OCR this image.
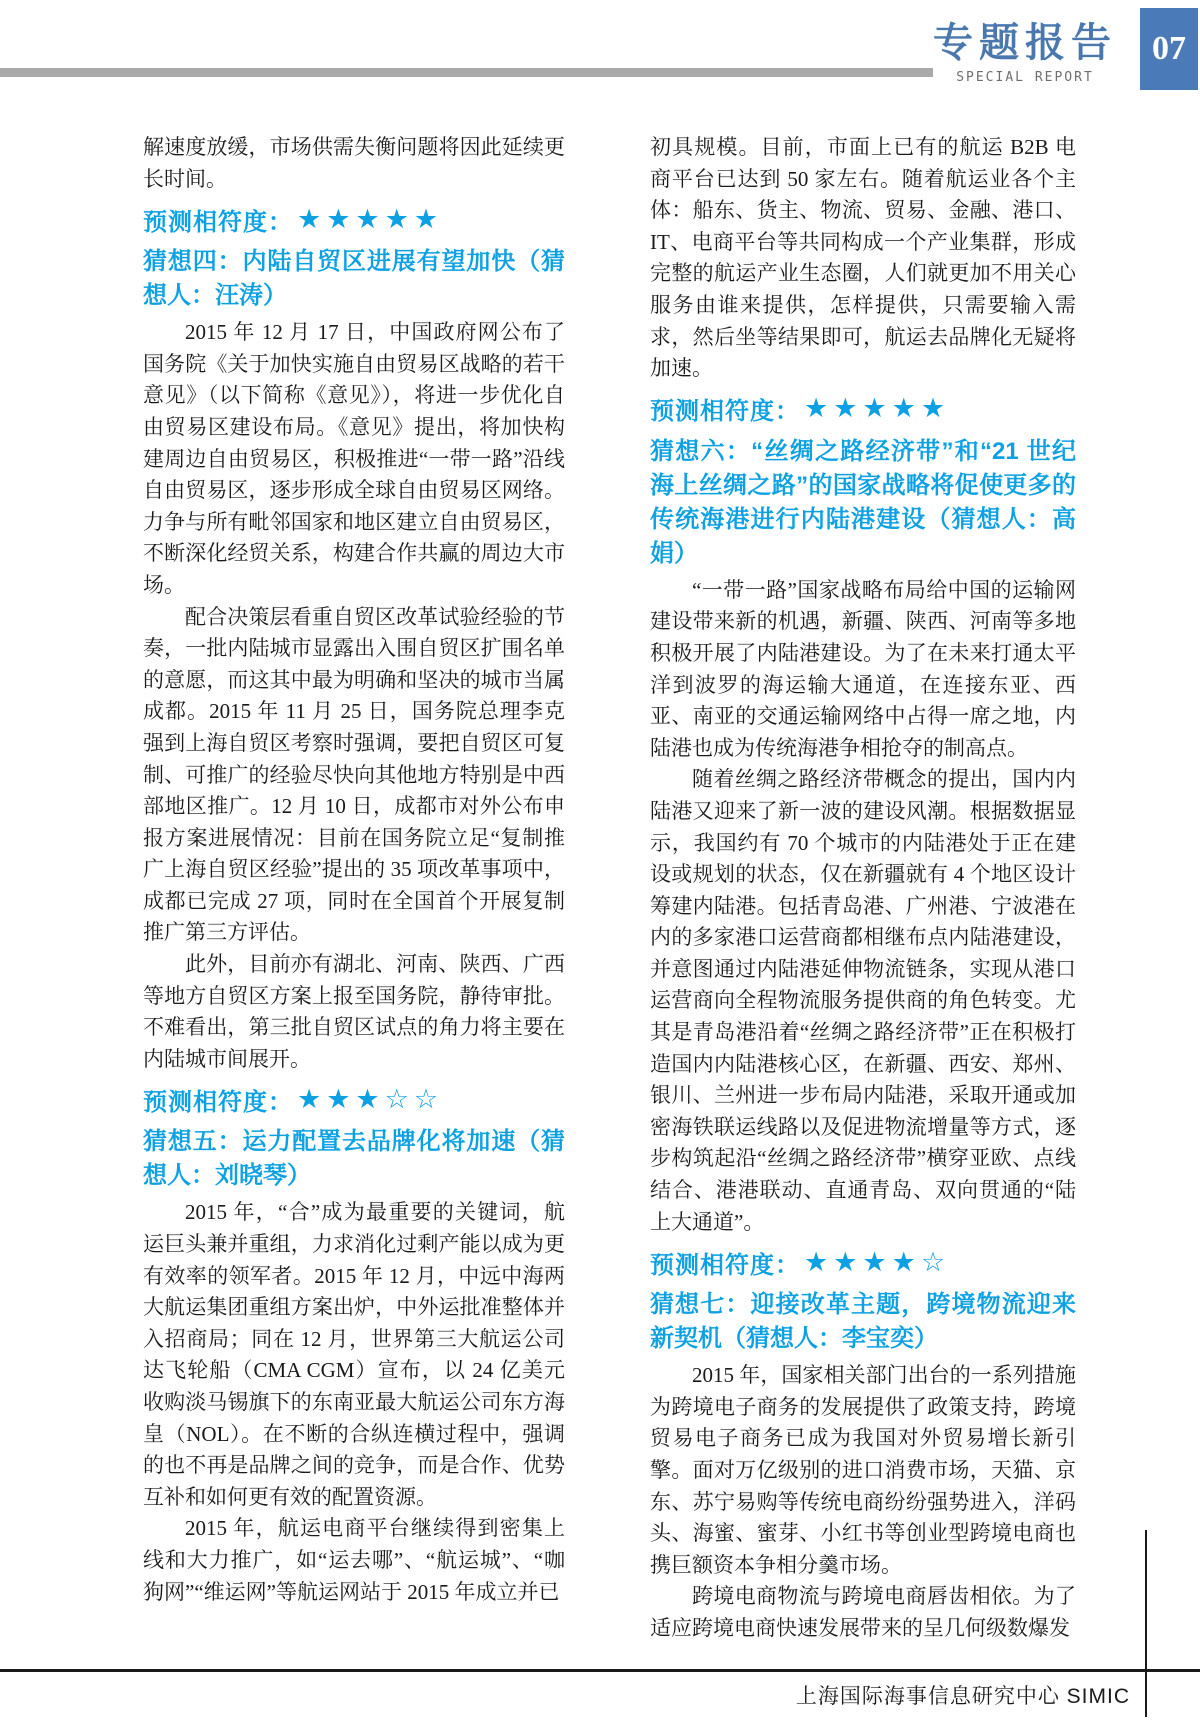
专题报告
SPECIAL REPORT
07

解速度放缓，市场供需失衡问题将因此延续更长时间。

预测相符度： ★★★★★
猜想四：内陆自贸区进展有望加快（猜想人：汪涛）

2015 年 12 月 17 日，中国政府网公布了国务院《关于加快实施自由贸易区战略的若干意见》（以下简称《意见》），将进一步优化自由贸易区建设布局。《意见》提出，将加快构建周边自由贸易区，积极推进“一带一路”沿线自由贸易区，逐步形成全球自由贸易区网络。力争与所有毗邻国家和地区建立自由贸易区，不断深化经贸关系，构建合作共赢的周边大市场。

配合决策层看重自贸区改革试验经验的节奏，一批内陆城市显露出入围自贸区扩围名单的意愿，而这其中最为明确和坚决的城市当属成都。2015 年 11 月 25 日，国务院总理李克强到上海自贸区考察时强调，要把自贸区可复制、可推广的经验尽快向其他地方特别是中西部地区推广。12 月 10 日，成都市对外公布申报方案进展情况：目前在国务院立足“复制推广上海自贸区经验”提出的 35 项改革事项中，成都已完成 27 项，同时在全国首个开展复制推广第三方评估。

此外，目前亦有湖北、河南、陕西、广西等地方自贸区方案上报至国务院，静待审批。不难看出，第三批自贸区试点的角力将主要在内陆城市间展开。

预测相符度： ★★★☆☆
猜想五：运力配置去品牌化将加速（猜想人：刘晓琴）

2015 年，“合”成为最重要的关键词，航运巨头兼并重组，力求消化过剩产能以成为更有效率的领军者。2015 年 12 月，中远中海两大航运集团重组方案出炉，中外运批准整体并入招商局；同在 12 月，世界第三大航运公司达飞轮船（CMA CGM）宣布，以 24 亿美元收购淡马锡旗下的东南亚最大航运公司东方海皇（NOL）。在不断的合纵连横过程中，强调的也不再是品牌之间的竞争，而是合作、优势互补和如何更有效的配置资源。

2015 年，航运电商平台继续得到密集上线和大力推广，如“运去哪”、“航运城”、“咖狗网”“维运网”等航运网站于 2015 年成立并已

初具规模。目前，市面上已有的航运 B2B 电商平台已达到 50 家左右。随着航运业各个主体：船东、货主、物流、贸易、金融、港口、IT、电商平台等共同构成一个产业集群，形成完整的航运产业生态圈，人们就更加不用关心服务由谁来提供，怎样提供，只需要输入需求，然后坐等结果即可，航运去品牌化无疑将加速。

预测相符度： ★★★★★
猜想六：“丝绸之路经济带”和“21 世纪海上丝绸之路”的国家战略将促使更多的传统海港进行内陆港建设（猜想人：高娟）

“一带一路”国家战略布局给中国的运输网建设带来新的机遇，新疆、陕西、河南等多地积极开展了内陆港建设。为了在未来打通太平洋到波罗的海运输大通道，在连接东亚、西亚、南亚的交通运输网络中占得一席之地，内陆港也成为传统海港争相抢夺的制高点。

随着丝绸之路经济带概念的提出，国内内陆港又迎来了新一波的建设风潮。根据数据显示，我国约有 70 个城市的内陆港处于正在建设或规划的状态，仅在新疆就有 4 个地区设计筹建内陆港。包括青岛港、广州港、宁波港在内的多家港口运营商都相继布点内陆港建设，并意图通过内陆港延伸物流链条，实现从港口运营商向全程物流服务提供商的角色转变。尤其是青岛港沿着“丝绸之路经济带”正在积极打造国内内陆港核心区，在新疆、西安、郑州、银川、兰州进一步布局内陆港，采取开通或加密海铁联运线路以及促进物流增量等方式，逐步构筑起沿“丝绸之路经济带”横穿亚欧、点线结合、港港联动、直通青岛、双向贯通的“陆上大通道”。

预测相符度： ★★★★☆
猜想七：迎接改革主题，跨境物流迎来新契机（猜想人：李宝奕）

2015 年，国家相关部门出台的一系列措施为跨境电子商务的发展提供了政策支持，跨境贸易电子商务已成为我国对外贸易增长新引擎。面对万亿级别的进口消费市场，天猫、京东、苏宁易购等传统电商纷纷强势进入，洋码头、海蜜、蜜芽、小红书等创业型跨境电商也携巨额资本争相分羹市场。

跨境电商物流与跨境电商唇齿相依。为了适应跨境电商快速发展带来的呈几何级数爆发

上海国际海事信息研究中心 SIMIC
